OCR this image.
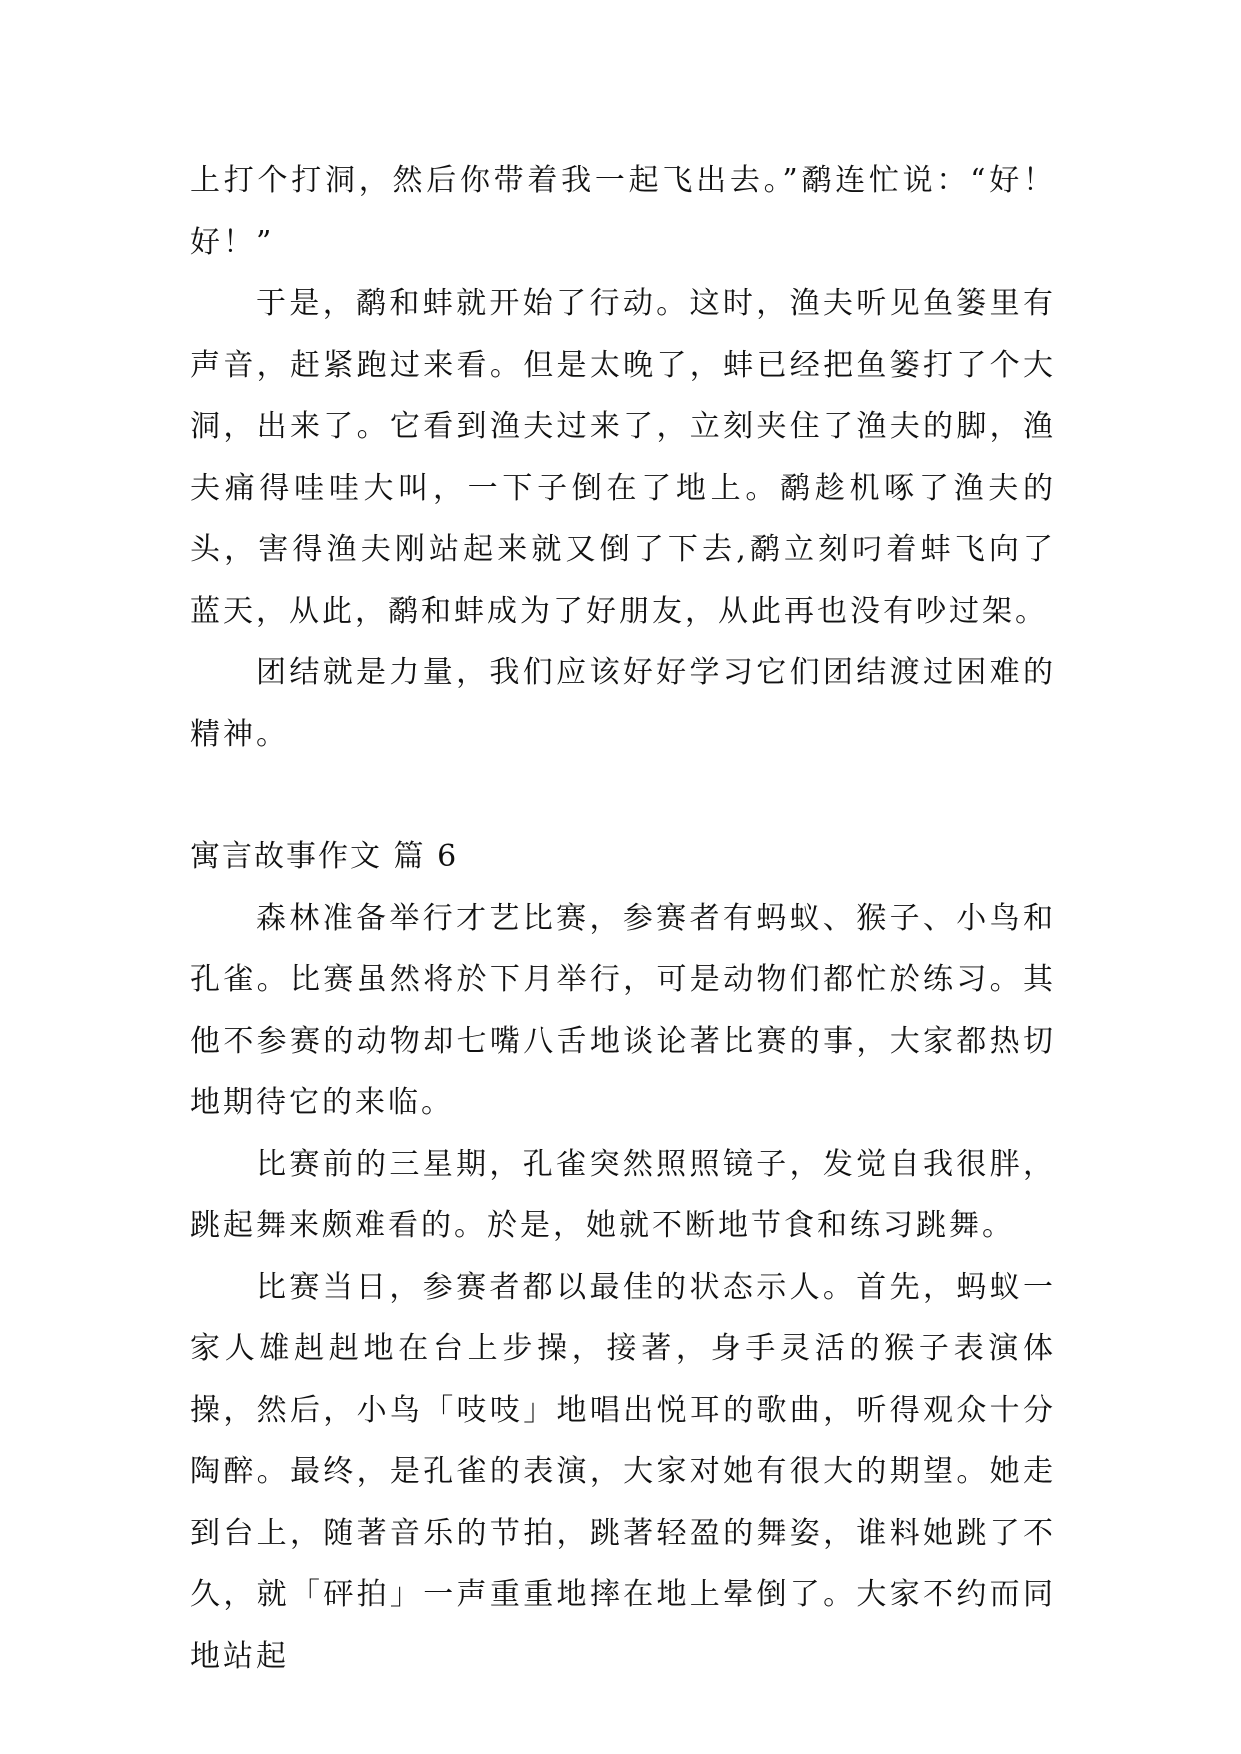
上打个打洞，然后你带着我一起飞出去。”鹬连忙说：“好！好！”

于是，鹬和蚌就开始了行动。这时，渔夫听见鱼篓里有声音，赶紧跑过来看。但是太晚了，蚌已经把鱼篓打了个大洞，出来了。它看到渔夫过来了，立刻夹住了渔夫的脚，渔夫痛得哇哇大叫，一下子倒在了地上。鹬趁机啄了渔夫的头，害得渔夫刚站起来就又倒了下去,鹬立刻叼着蚌飞向了蓝天，从此，鹬和蚌成为了好朋友，从此再也没有吵过架。

团结就是力量，我们应该好好学习它们团结渡过困难的精神。

寓言故事作文 篇 6

森林准备举行才艺比赛，参赛者有蚂蚁、猴子、小鸟和孔雀。比赛虽然将於下月举行，可是动物们都忙於练习。其他不参赛的动物却七嘴八舌地谈论著比赛的事，大家都热切地期待它的来临。

比赛前的三星期，孔雀突然照照镜子，发觉自我很胖，跳起舞来颇难看的。於是，她就不断地节食和练习跳舞。

比赛当日，参赛者都以最佳的状态示人。首先，蚂蚁一家人雄赳赳地在台上步操，接著，身手灵活的猴子表演体操，然后，小鸟「吱吱」地唱出悦耳的歌曲，听得观众十分陶醉。最终，是孔雀的表演，大家对她有很大的期望。她走到台上，随著音乐的节拍，跳著轻盈的舞姿，谁料她跳了不久，就「砰拍」一声重重地摔在地上晕倒了。大家不约而同地站起
